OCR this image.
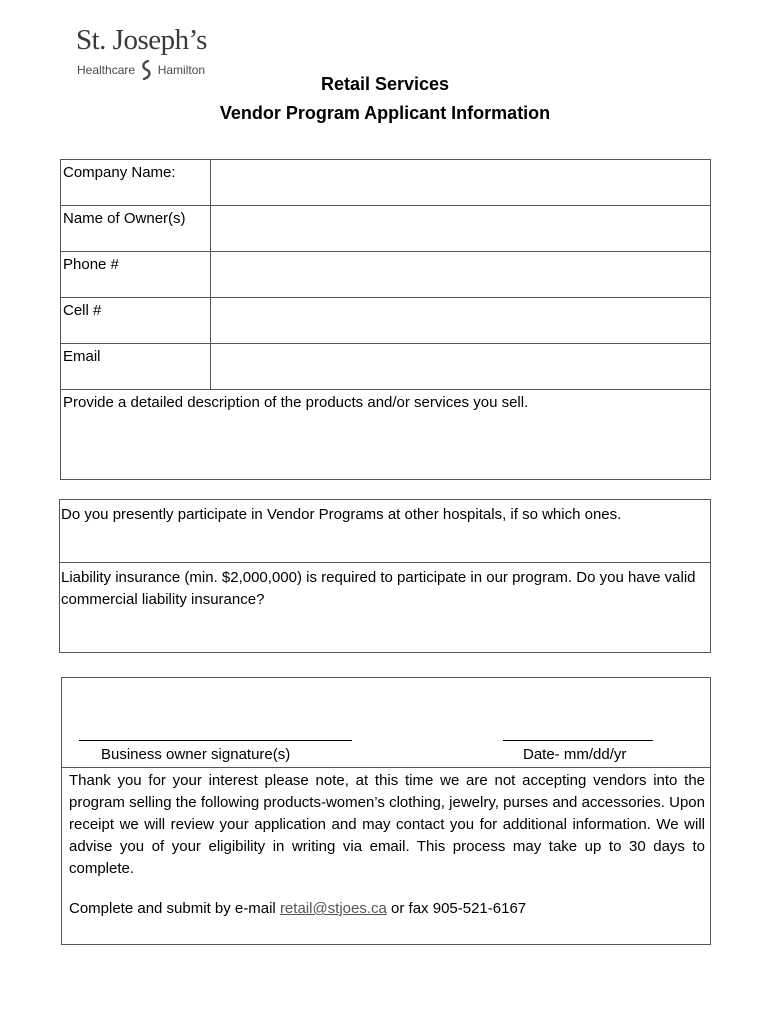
St. Joseph’s
Healthcare Hamilton
Retail Services
Vendor Program Applicant Information
Company Name:	
Name of Owner(s)	
Phone #	
Cell #	
Email	
Provide a detailed description of the products and/or services you sell.	
Do you presently participate in Vendor Programs at other hospitals, if so which ones.
Liability insurance (min. $2,000,000) is required to participate in our program. Do you have valid commercial liability insurance?
Business owner signature(s)	Date- mm/dd/yr
Thank you for your interest please note, at this time we are not accepting vendors into the program selling the following products-women’s clothing, jewelry, purses and accessories. Upon receipt we will review your application and may contact you for additional information. We will advise you of your eligibility in writing via email. This process may take up to 30 days to complete.
Complete and submit by e-mail retail@stjoes.ca or fax 905-521-6167
